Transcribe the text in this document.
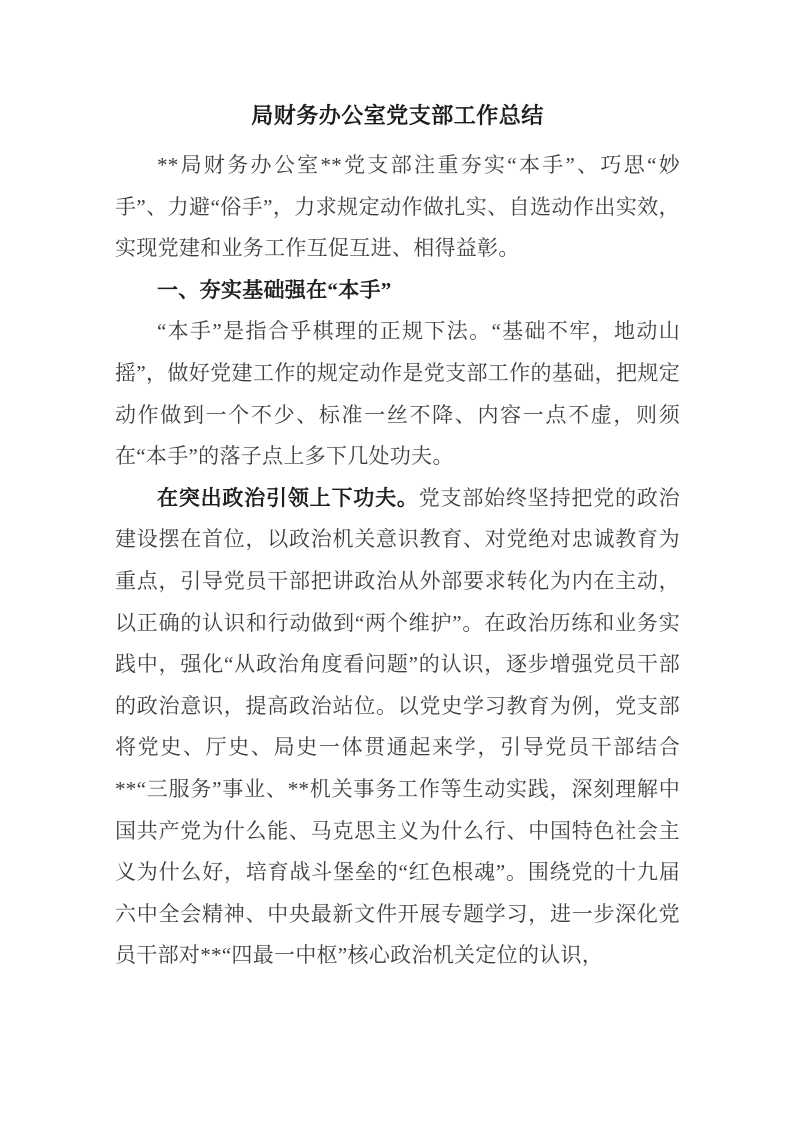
局财务办公室党支部工作总结

**局财务办公室**党支部注重夯实“本手”、巧思“妙手”、力避“俗手”，力求规定动作做扎实、自选动作出实效，实现党建和业务工作互促互进、相得益彰。

一、夯实基础强在“本手”

“本手”是指合乎棋理的正规下法。“基础不牢，地动山摇”，做好党建工作的规定动作是党支部工作的基础，把规定动作做到一个不少、标准一丝不降、内容一点不虚，则须在“本手”的落子点上多下几处功夫。

在突出政治引领上下功夫。党支部始终坚持把党的政治建设摆在首位，以政治机关意识教育、对党绝对忠诚教育为重点，引导党员干部把讲政治从外部要求转化为内在主动，以正确的认识和行动做到“两个维护”。在政治历练和业务实践中，强化“从政治角度看问题”的认识，逐步增强党员干部的政治意识，提高政治站位。以党史学习教育为例，党支部将党史、厅史、局史一体贯通起来学，引导党员干部结合**“三服务”事业、**机关事务工作等生动实践，深刻理解中国共产党为什么能、马克思主义为什么行、中国特色社会主义为什么好，培育战斗堡垒的“红色根魂”。围绕党的十九届六中全会精神、中央最新文件开展专题学习，进一步深化党员干部对**“四最一中枢”核心政治机关定位的认识，
